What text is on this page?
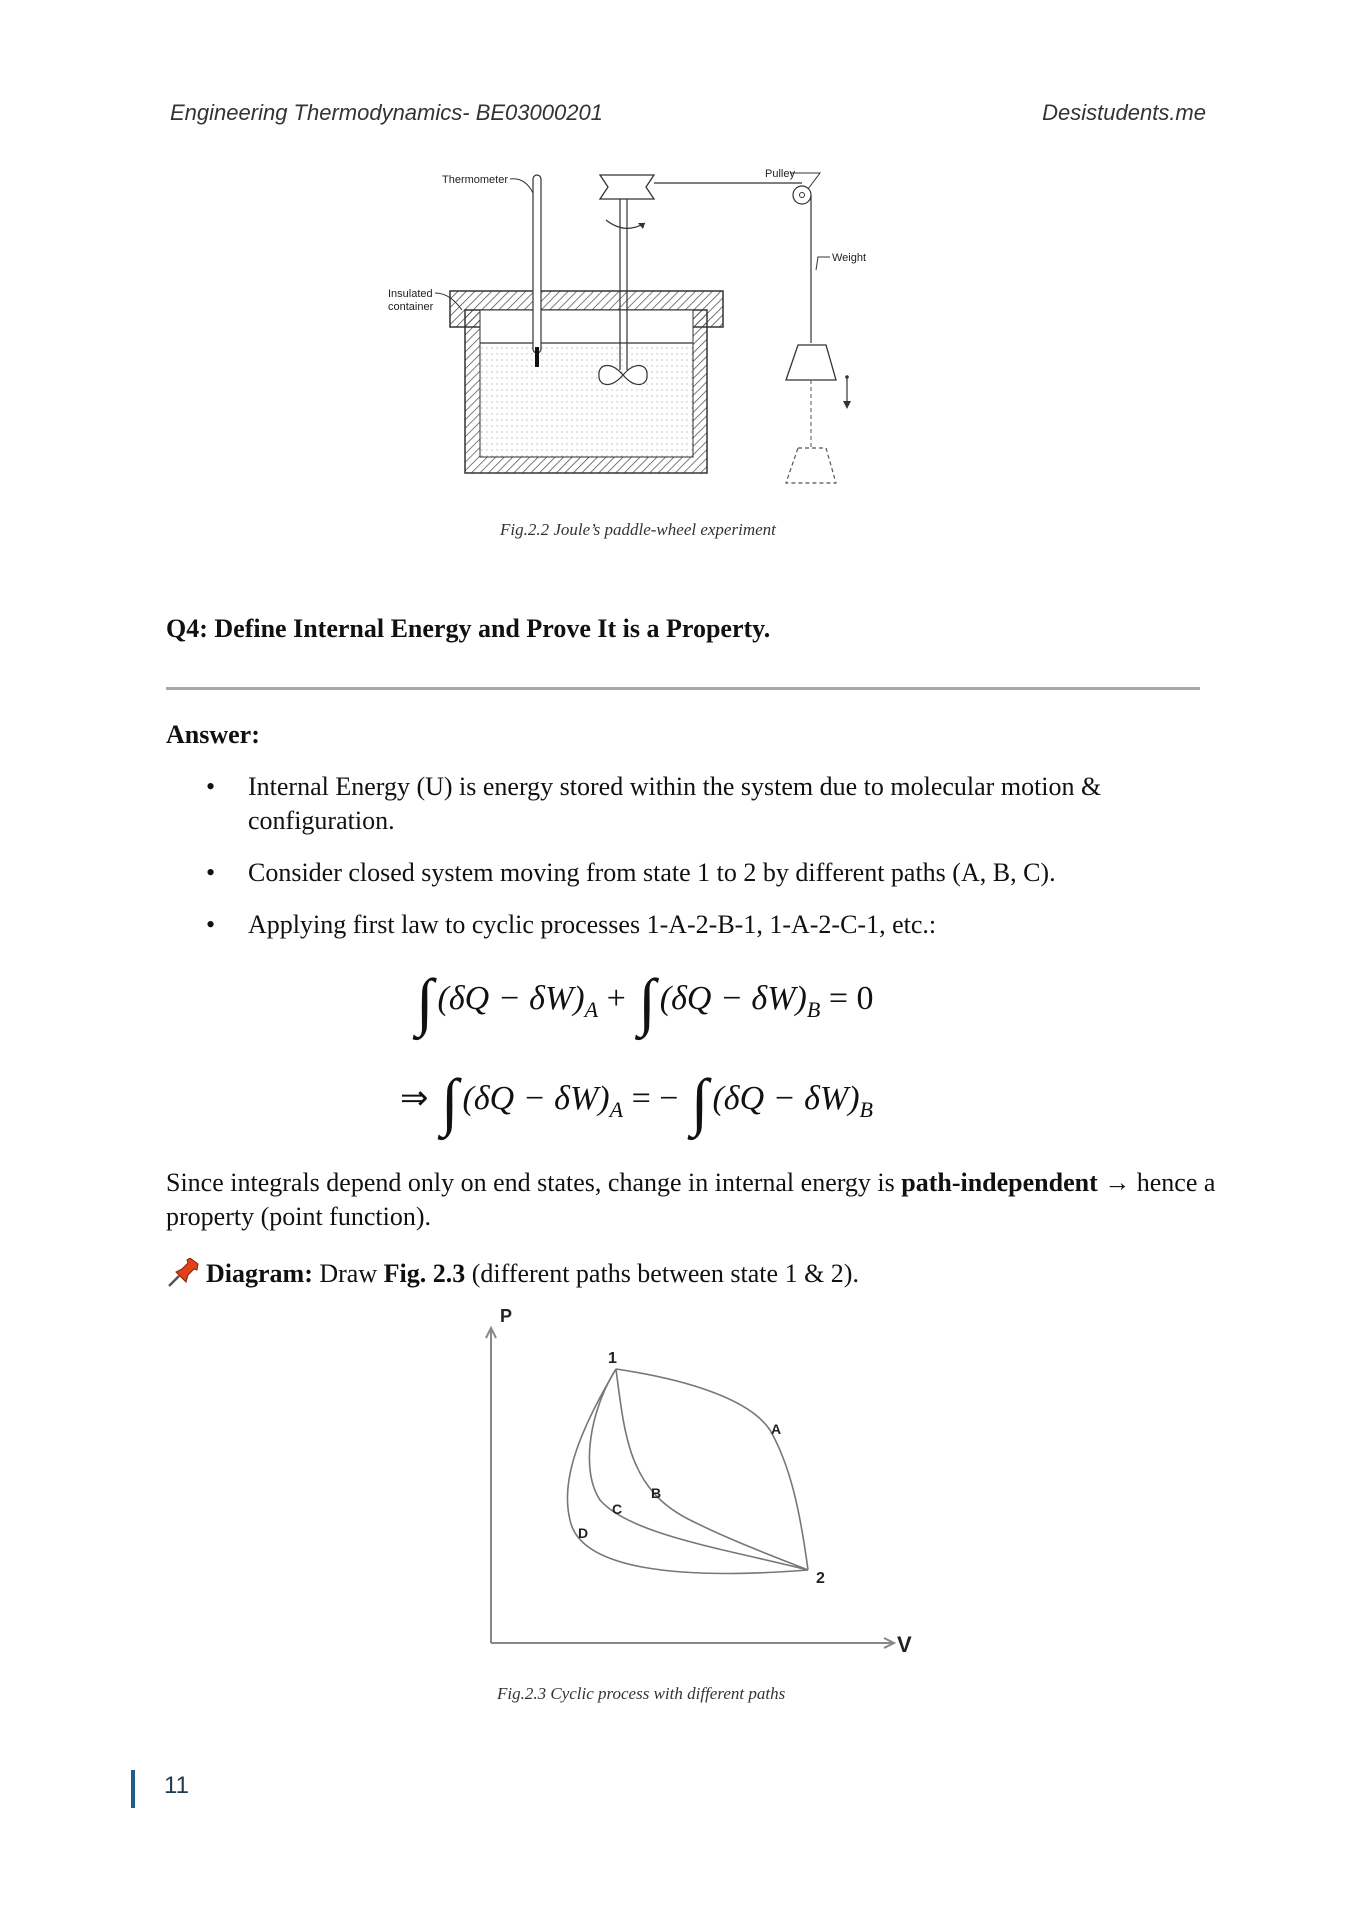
Engineering Thermodynamics- BE03000201	Desistudents.me
Thermometer	Pulley
Weight
Insulated
container
Fig.2.2 Joule’s paddle-wheel experiment
Q4: Define Internal Energy and Prove It is a Property.
Answer:
• Internal Energy (U) is energy stored within the system due to molecular motion & configuration.
• Consider closed system moving from state 1 to 2 by different paths (A, B, C).
• Applying first law to cyclic processes 1-A-2-B-1, 1-A-2-C-1, etc.:
∫ $(\delta Q - \delta W)_A$ + ∫ $(\delta Q - \delta W)_B = 0$
⇒ ∫ $(\delta Q - \delta W)_A$ = − ∫ $(\delta Q - \delta W)_B$
Since integrals depend only on end states, change in internal energy is path-independent → hence a property (point function).
Diagram: Draw Fig. 2.3 (different paths between state 1 & 2).
P
V
1
2
A
B
C
D
Fig.2.3 Cyclic process with different paths
11
